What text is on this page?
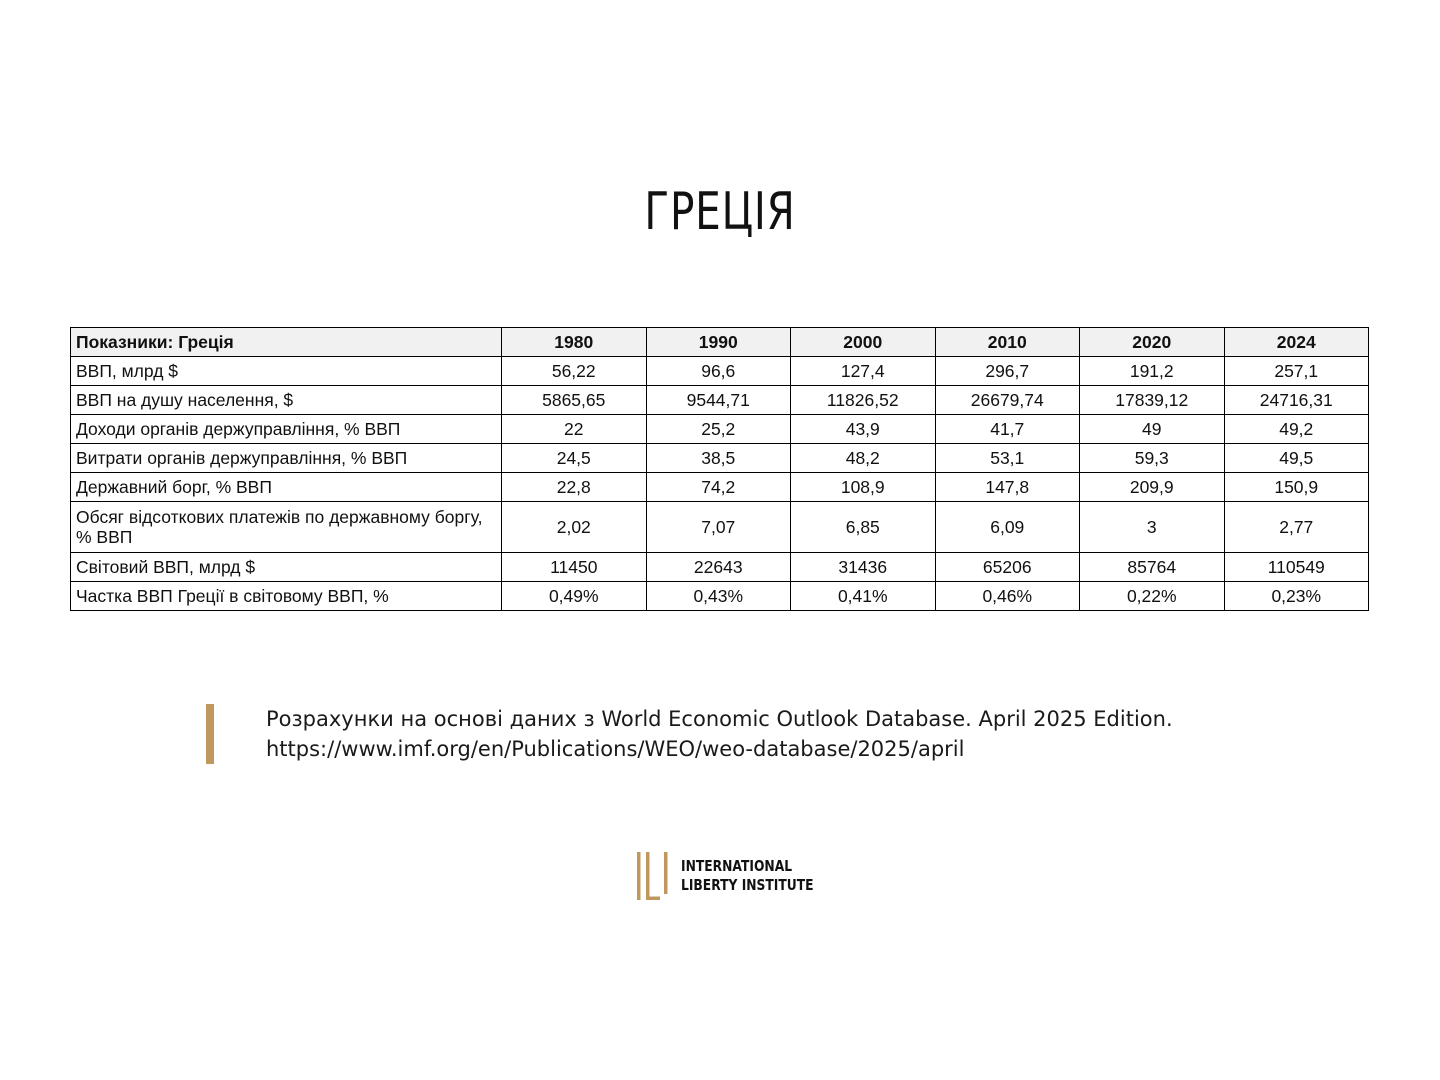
ГРЕЦІЯ
Показники: Греція	1980	1990	2000	2010	2020	2024
ВВП, млрд $	56,22	96,6	127,4	296,7	191,2	257,1
ВВП на душу населення, $	5865,65	9544,71	11826,52	26679,74	17839,12	24716,31
Доходи органів держуправління, % ВВП	22	25,2	43,9	41,7	49	49,2
Витрати органів держуправління, % ВВП	24,5	38,5	48,2	53,1	59,3	49,5
Державний борг, % ВВП	22,8	74,2	108,9	147,8	209,9	150,9
Обсяг відсоткових платежів по державному боргу, % ВВП	2,02	7,07	6,85	6,09	3	2,77
Світовий ВВП, млрд $	11450	22643	31436	65206	85764	110549
Частка ВВП Греції в світовому ВВП, %	0,49%	0,43%	0,41%	0,46%	0,22%	0,23%
Розрахунки на основі даних з World Economic Outlook Database. April 2025 Edition.
https://www.imf.org/en/Publications/WEO/weo-database/2025/april
INTERNATIONAL
LIBERTY INSTITUTE
